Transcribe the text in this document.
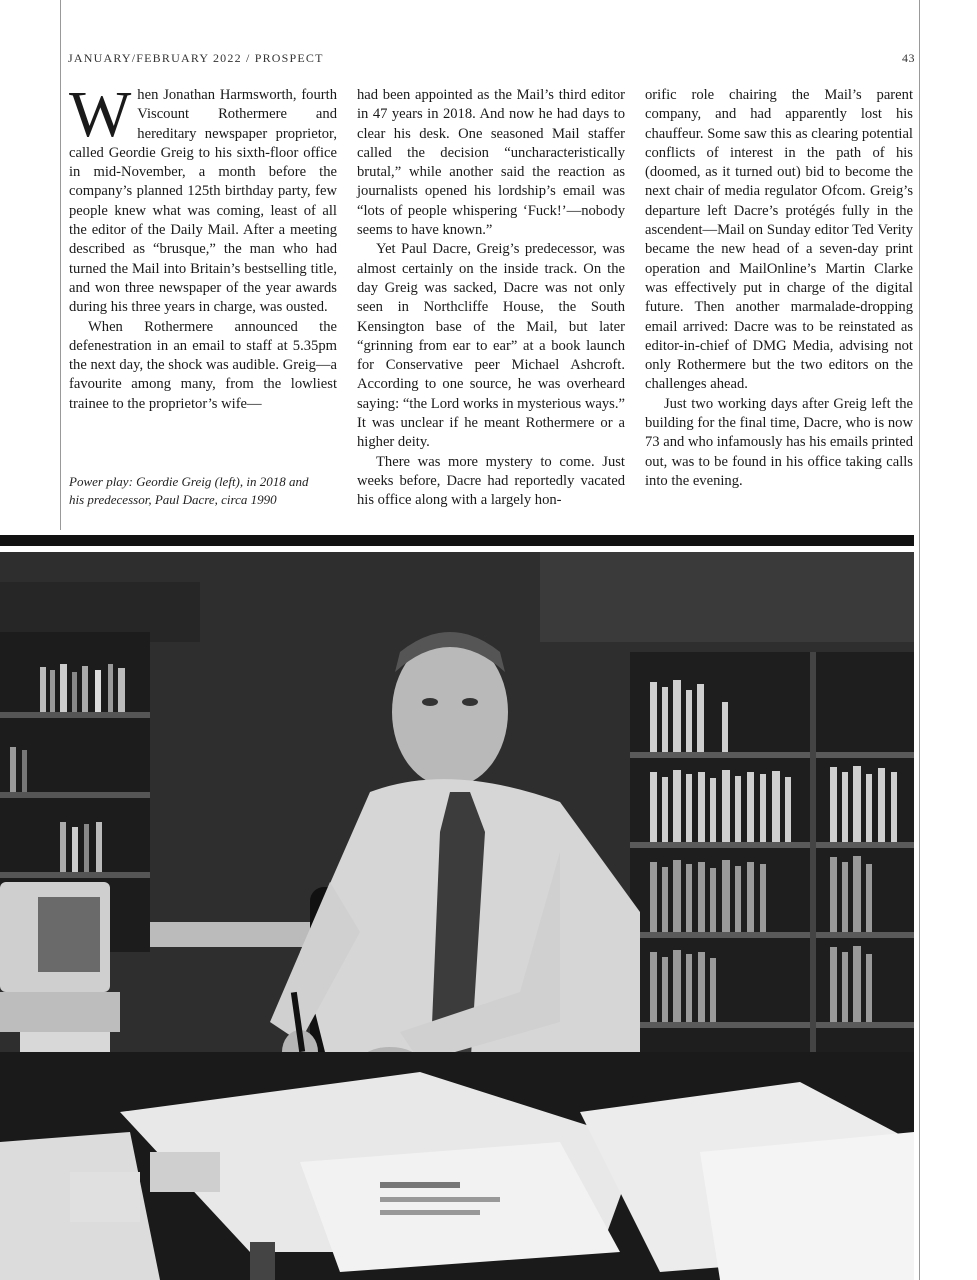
JANUARY/FEBRUARY 2022 / PROSPECT	43

When Jonathan Harmsworth, fourth Viscount Rothermere and hereditary newspaper proprietor, called Geordie Greig to his sixth-floor office in mid-November, a month before the company’s planned 125th birthday party, few people knew what was coming, least of all the editor of the Daily Mail. After a meeting described as “brusque,” the man who had turned the Mail into Britain’s bestselling title, and won three newspaper of the year awards during his three years in charge, was ousted.

When Rothermere announced the defenestration in an email to staff at 5.35pm the next day, the shock was audible. Greig—a favourite among many, from the lowliest trainee to the proprietor’s wife—

Power play: Geordie Greig (left), in 2018 and
his predecessor, Paul Dacre, circa 1990

had been appointed as the Mail’s third editor in 47 years in 2018. And now he had days to clear his desk. One seasoned Mail staffer called the decision “uncharacteristically brutal,” while another said the reaction as journalists opened his lordship’s email was “lots of people whispering ‘Fuck!’—nobody seems to have known.”

Yet Paul Dacre, Greig’s predecessor, was almost certainly on the inside track. On the day Greig was sacked, Dacre was not only seen in Northcliffe House, the South Kensington base of the Mail, but later “grinning from ear to ear” at a book launch for Conservative peer Michael Ashcroft. According to one source, he was overheard saying: “the Lord works in mysterious ways.” It was unclear if he meant Rothermere or a higher deity.

There was more mystery to come. Just weeks before, Dacre had reportedly vacated his office along with a largely hon-

orific role chairing the Mail’s parent company, and had apparently lost his chauffeur. Some saw this as clearing potential conflicts of interest in the path of his (doomed, as it turned out) bid to become the next chair of media regulator Ofcom. Greig’s departure left Dacre’s protégés fully in the ascendent—Mail on Sunday editor Ted Verity became the new head of a seven-day print operation and MailOnline’s Martin Clarke was effectively put in charge of the digital future. Then another marmalade-dropping email arrived: Dacre was to be reinstated as editor-in-chief of DMG Media, advising not only Rothermere but the two editors on the challenges ahead.

Just two working days after Greig left the building for the final time, Dacre, who is now 73 and who infamously has his emails printed out, was to be found in his office taking calls into the evening.
